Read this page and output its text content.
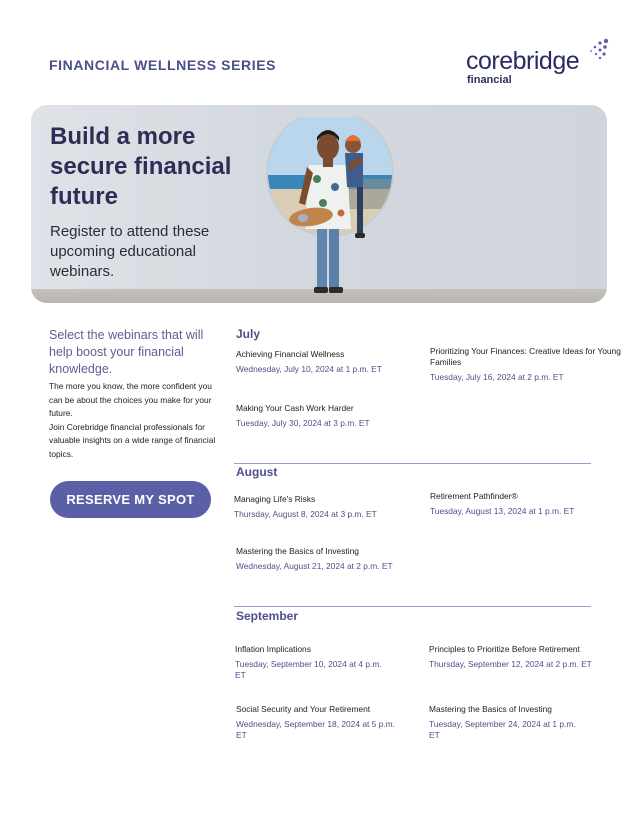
FINANCIAL WELLNESS SERIES	corebridge
financial
Build a more secure financial future
Register to attend these upcoming educational webinars.
Select the webinars that will help boost your financial knowledge.

The more you know, the more confident you can be about the choices you make for your future.

Join Corebridge financial professionals for valuable insights on a wide range of financial topics.

RESERVE MY SPOT
July
Achieving Financial Wellness
Wednesday, July 10, 2024 at 1 p.m. ET
Prioritizing Your Finances: Creative Ideas for Young Families
Tuesday, July 16, 2024 at 2 p.m. ET
Making Your Cash Work Harder
Tuesday, July 30, 2024 at 3 p.m. ET
August
Managing Life's Risks
Thursday, August 8, 2024 at 3 p.m. ET
Retirement Pathfinder®
Tuesday, August 13, 2024 at 1 p.m. ET
Mastering the Basics of Investing
Wednesday, August 21, 2024 at 2 p.m. ET
September
Inflation Implications
Tuesday, September 10, 2024 at 4 p.m. ET
Principles to Prioritize Before Retirement
Thursday, September 12, 2024 at 2 p.m. ET
Social Security and Your Retirement
Wednesday, September 18, 2024 at 5 p.m. ET
Mastering the Basics of Investing
Tuesday, September 24, 2024 at 1 p.m. ET
